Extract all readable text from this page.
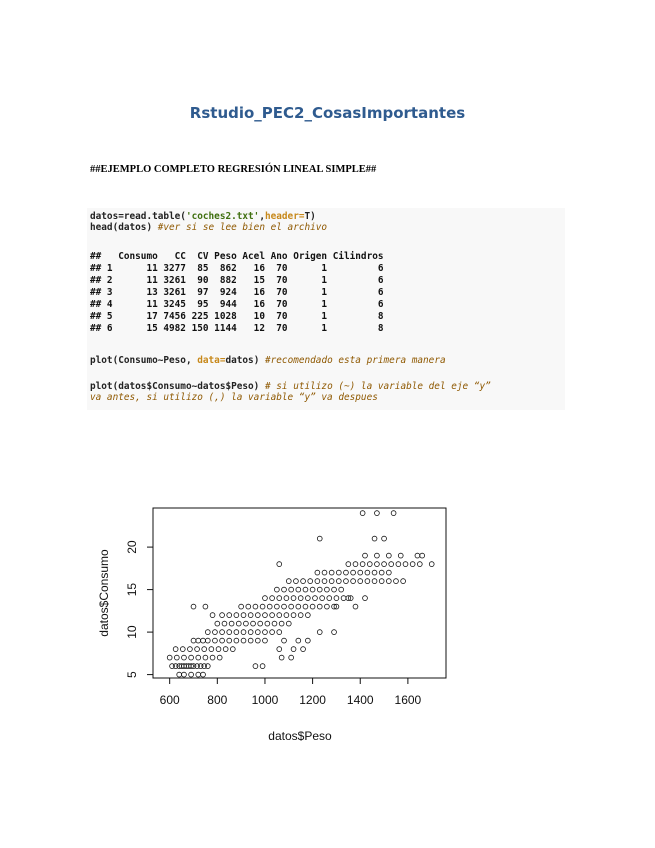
Rstudio_PEC2_CosasImportantes
##EJEMPLO COMPLETO REGRESIÓN LINEAL SIMPLE##
datos=read.table('coches2.txt',header=T)
head(datos) #ver si se lee bien el archivo
##   Consumo   CC  CV Peso Acel Ano Origen Cilindros
## 1      11 3277  85  862   16  70      1         6
## 2      11 3261  90  882   15  70      1         6
## 3      13 3261  97  924   16  70      1         6
## 4      11 3245  95  944   16  70      1         6
## 5      17 7456 225 1028   10  70      1         8
## 6      15 4982 150 1144   12  70      1         8
plot(Consumo~Peso, data=datos) #recomendado esta primera manera
plot(datos$Consumo~datos$Peso) # si utilizo (~) la variable del eje “y”
va antes, si utilizo (,) la variable “y” va despues
600 800 1000 1200 1400 1600
5
10
15
20
datos$Peso
datos$Consumo
